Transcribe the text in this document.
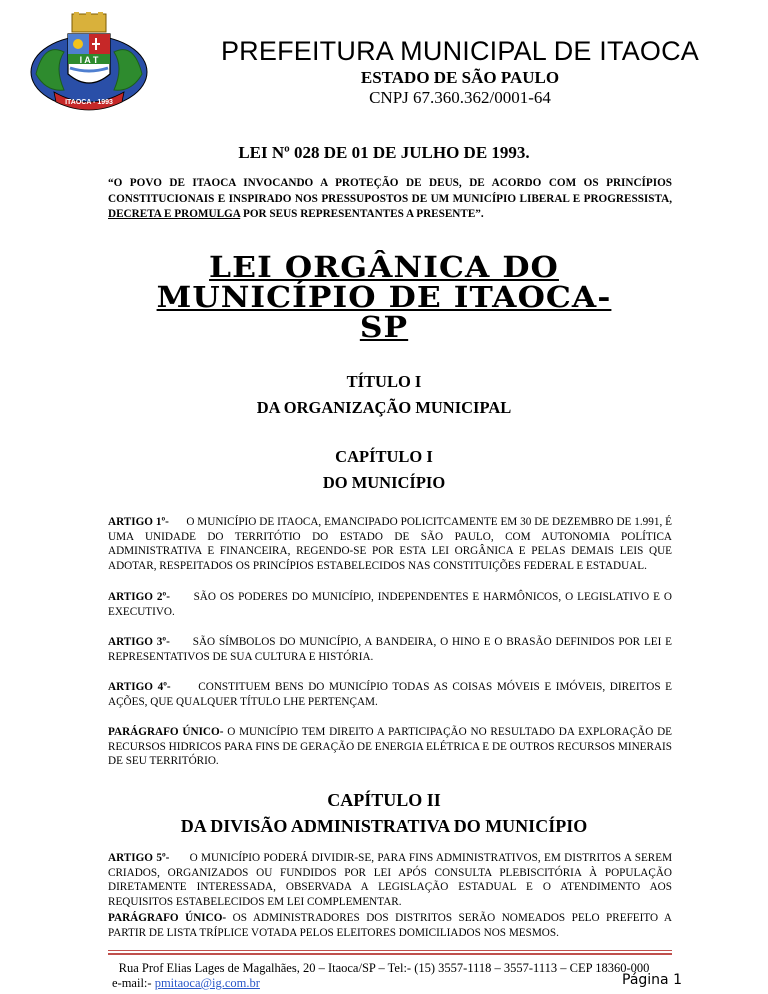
I A T
ITAOCA - 1993
PREFEITURA MUNICIPAL DE ITAOCA
ESTADO DE SÃO PAULO
CNPJ 67.360.362/0001-64
LEI Nº 028 DE 01 DE JULHO DE 1993.
“O POVO DE ITAOCA INVOCANDO A PROTEÇÃO DE DEUS, DE ACORDO COM OS PRINCÍPIOS CONSTITUCIONAIS E INSPIRADO NOS PRESSUPOSTOS DE UM MUNICÍPIO LIBERAL E PROGRESSISTA, DECRETA E PROMULGA POR SEUS REPRESENTANTES A PRESENTE”.
LEI ORGÂNICA DO
MUNICÍPIO DE ITAOCA-
SP
TÍTULO I
DA ORGANIZAÇÃO MUNICIPAL
CAPÍTULO I
DO MUNICÍPIO
ARTIGO 1º- O MUNICÍPIO DE ITAOCA, EMANCIPADO POLICITCAMENTE EM 30 DE DEZEMBRO DE 1.991, É UMA UNIDADE DO TERRITÓTIO DO ESTADO DE SÃO PAULO, COM AUTONOMIA POLÍTICA ADMINISTRATIVA E FINANCEIRA, REGENDO-SE POR ESTA LEI ORGÂNICA E PELAS DEMAIS LEIS QUE ADOTAR, RESPEITADOS OS PRINCÍPIOS ESTABELECIDOS NAS CONSTITUIÇÕES FEDERAL E ESTADUAL.
ARTIGO 2º- SÃO OS PODERES DO MUNICÍPIO, INDEPENDENTES E HARMÔNICOS, O LEGISLATIVO E O EXECUTIVO.
ARTIGO 3º- SÃO SÍMBOLOS DO MUNICÍPIO, A BANDEIRA, O HINO E O BRASÃO DEFINIDOS POR LEI E REPRESENTATIVOS DE SUA CULTURA E HISTÓRIA.
ARTIGO 4º- CONSTITUEM BENS DO MUNICÍPIO TODAS AS COISAS MÓVEIS E IMÓVEIS, DIREITOS E AÇÕES, QUE QUALQUER TÍTULO LHE PERTENÇAM.
PARÁGRAFO ÚNICO- O MUNICÍPIO TEM DIREITO A PARTICIPAÇÃO NO RESULTADO DA EXPLORAÇÃO DE RECURSOS HIDRICOS PARA FINS DE GERAÇÃO DE ENERGIA ELÉTRICA E DE OUTROS RECURSOS MINERAIS DE SEU TERRITÓRIO.
CAPÍTULO II
DA DIVISÃO ADMINISTRATIVA DO MUNICÍPIO
ARTIGO 5º- O MUNICÍPIO PODERÁ DIVIDIR-SE, PARA FINS ADMINISTRATIVOS, EM DISTRITOS A SEREM CRIADOS, ORGANIZADOS OU FUNDIDOS POR LEI APÓS CONSULTA PLEBISCITÓRIA À POPULAÇÃO DIRETAMENTE INTERESSADA, OBSERVADA A LEGISLAÇÃO ESTADUAL E O ATENDIMENTO AOS REQUISITOS ESTABELECIDOS EM LEI COMPLEMENTAR.
PARÁGRAFO ÚNICO- OS ADMINISTRADORES DOS DISTRITOS SERÃO NOMEADOS PELO PREFEITO A PARTIR DE LISTA TRÍPLICE VOTADA PELOS ELEITORES DOMICILIADOS NOS MESMOS.
Rua Prof Elias Lages de Magalhães, 20 – Itaoca/SP – Tel:- (15) 3557-1118 – 3557-1113 – CEP 18360-000
e-mail:- pmitaoca@ig.com.br	Página 1
